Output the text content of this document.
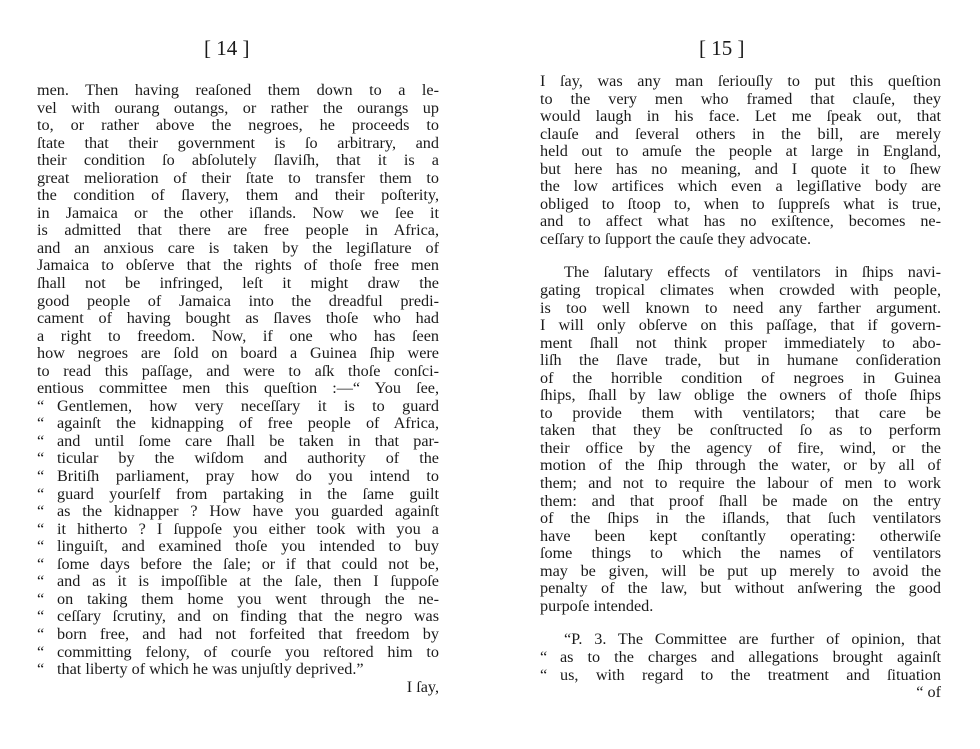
[ 14 ]
men. Then having reaſoned them down to a le-
vel with ourang outangs, or rather the ourangs up
to, or rather above the negroes, he proceeds to
ſtate that their government is ſo arbitrary, and
their condition ſo abſolutely ſlaviſh, that it is a
great melioration of their ſtate to transfer them to
the condition of ſlavery, them and their poſterity,
in Jamaica or the other iſlands. Now we ſee it
is admitted that there are free people in Africa,
and an anxious care is taken by the legiſlature of
Jamaica to obſerve that the rights of thoſe free men
ſhall not be infringed, leſt it might draw the
good people of Jamaica into the dreadful predi-
cament of having bought as ſlaves thoſe who had
a right to freedom. Now, if one who has ſeen
how negroes are ſold on board a Guinea ſhip were
to read this paſſage, and were to aſk thoſe conſci-
entious committee men this queſtion :—“ You ſee,
“ Gentlemen, how very neceſſary it is to guard
“ againſt the kidnapping of free people of Africa,
“ and until ſome care ſhall be taken in that par-
“ ticular by the wiſdom and authority of the
“ Britiſh parliament, pray how do you intend to
“ guard yourſelf from partaking in the ſame guilt
“ as the kidnapper ? How have you guarded againſt
“ it hitherto ? I ſuppoſe you either took with you a
“ linguiſt, and examined thoſe you intended to buy
“ ſome days before the ſale; or if that could not be,
“ and as it is impoſſible at the ſale, then I ſuppoſe
“ on taking them home you went through the ne-
“ ceſſary ſcrutiny, and on finding that the negro was
“ born free, and had not forfeited that freedom by
“ committing felony, of courſe you reſtored him to
“ that liberty of which he was unjuſtly deprived.”
I ſay,
[ 15 ]
I ſay, was any man ſeriouſly to put this queſtion
to the very men who framed that clauſe, they
would laugh in his face. Let me ſpeak out, that
clauſe and ſeveral others in the bill, are merely
held out to amuſe the people at large in England,
but here has no meaning, and I quote it to ſhew
the low artifices which even a legiſlative body are
obliged to ſtoop to, when to ſuppreſs what is true,
and to affect what has no exiſtence, becomes ne-
ceſſary to ſupport the cauſe they advocate.
The ſalutary effects of ventilators in ſhips navi-
gating tropical climates when crowded with people,
is too well known to need any farther argument.
I will only obſerve on this paſſage, that if govern-
ment ſhall not think proper immediately to abo-
liſh the ſlave trade, but in humane conſideration
of the horrible condition of negroes in Guinea
ſhips, ſhall by law oblige the owners of thoſe ſhips
to provide them with ventilators; that care be
taken that they be conſtructed ſo as to perform
their office by the agency of fire, wind, or the
motion of the ſhip through the water, or by all of
them; and not to require the labour of men to work
them: and that proof ſhall be made on the entry
of the ſhips in the iſlands, that ſuch ventilators
have been kept conſtantly operating: otherwiſe
ſome things to which the names of ventilators
may be given, will be put up merely to avoid the
penalty of the law, but without anſwering the good
purpoſe intended.
“P. 3. The Committee are further of opinion, that
“ as to the charges and allegations brought againſt
“ us, with regard to the treatment and ſituation
“ of
